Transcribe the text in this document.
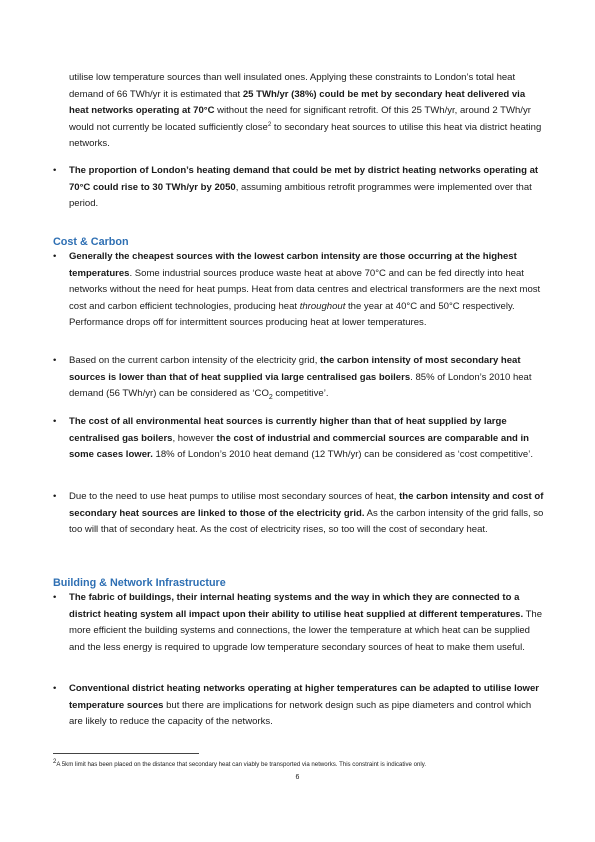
utilise low temperature sources than well insulated ones. Applying these constraints to London’s total heat demand of 66 TWh/yr it is estimated that 25 TWh/yr (38%) could be met by secondary heat delivered via heat networks operating at 70°C without the need for significant retrofit. Of this 25 TWh/yr, around 2 TWh/yr would not currently be located sufficiently close$^2$ to secondary heat sources to utilise this heat via district heating networks.

•	The proportion of London’s heating demand that could be met by district heating networks operating at 70°C could rise to 30 TWh/yr by 2050, assuming ambitious retrofit programmes were implemented over that period.
Cost & Carbon
•	Generally the cheapest sources with the lowest carbon intensity are those occurring at the highest temperatures. Some industrial sources produce waste heat at above 70°C and can be fed directly into heat networks without the need for heat pumps. Heat from data centres and electrical transformers are the next most cost and carbon efficient technologies, producing heat throughout the year at 40°C and 50°C respectively. Performance drops off for intermittent sources producing heat at lower temperatures.
•	Based on the current carbon intensity of the electricity grid, the carbon intensity of most secondary heat sources is lower than that of heat supplied via large centralised gas boilers. 85% of London’s 2010 heat demand (56 TWh/yr) can be considered as ‘$CO_2$ competitive’.
•	The cost of all environmental heat sources is currently higher than that of heat supplied by large centralised gas boilers, however the cost of industrial and commercial sources are comparable and in some cases lower. 18% of London’s 2010 heat demand (12 TWh/yr) can be considered as ‘cost competitive’.
•	Due to the need to use heat pumps to utilise most secondary sources of heat, the carbon intensity and cost of secondary heat sources are linked to those of the electricity grid. As the carbon intensity of the grid falls, so too will that of secondary heat. As the cost of electricity rises, so too will the cost of secondary heat.
Building & Network Infrastructure
•	The fabric of buildings, their internal heating systems and the way in which they are connected to a district heating system all impact upon their ability to utilise heat supplied at different temperatures. The more efficient the building systems and connections, the lower the temperature at which heat can be supplied and the less energy is required to upgrade low temperature secondary sources of heat to make them useful.
•	Conventional district heating networks operating at higher temperatures can be adapted to utilise lower temperature sources but there are implications for network design such as pipe diameters and control which are likely to reduce the capacity of the networks.
$^2$A 5km limit has been placed on the distance that secondary heat can viably be transported via networks. This constraint is indicative only.
6
